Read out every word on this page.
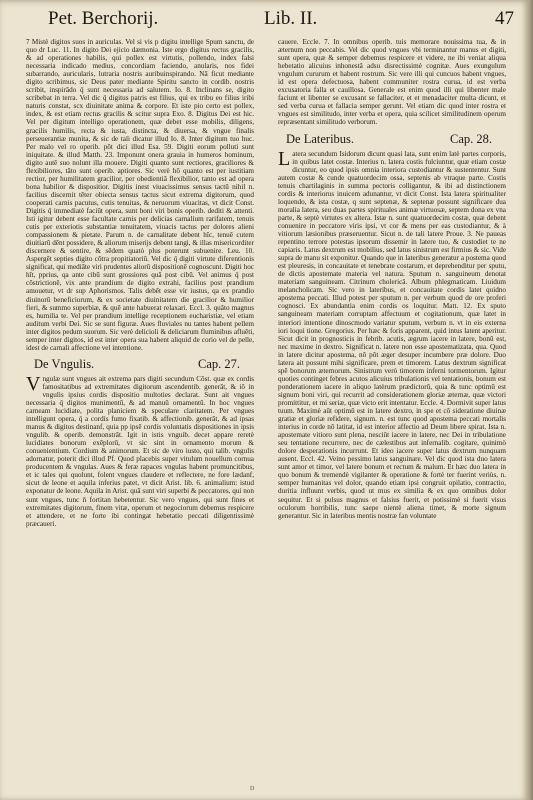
Pet. Berchorij.	Lib. II.	47

7 Mistè digitos suos in auriculas. Vel si vis p digitu intellige Spum sanctu, de quo dr Luc. 11. In digito Dei ejicio dæmonia. Iste ergo digitus rectus gracilis, & ad operationes habilis, qui pollex est virtutis, pollendo, index falsi necessaria indicado medius, concordiam faciendo, anularis, nos fidei subarrando, auricularis, lutraria nostris auribuinspirando. Nā ficut mediante digito scribimus, sic Deus pater mediante Spiritu sancto in cordib. nostris scribit, inspirādo q̄ sunt necessaria ad salutem. Io. 8. Inclinans se, digito scribebat in terra. Vel dic q̄ digitus patris est filius, qui ex tribu eo filius iribi naturis constat, scx diuinitate anima & corpore. Et iste pio certo est pollex, index, & est etiam rectus gracilis & scitur supra Exo. 8. Digitus Dei est hic. Vel per digitum intelligo operationem, quæ debet esse mobilis, diligens, gracilis humilis, recta & iusta, distincta, & diuersa, & vngue finalis perseuerantiæ munita, & sic de tali dicatur illud Io. 8. Inter digitum tuo huc. Per malo vel ro operib. pōt dici illud Esa. 59. Digiti eorum polluti sunt iniquitate. & illud Matth. 23. Imponunt onera grauia in humeros hominum, digito autē suo nolunt illa mouere. Digiti quanto sunt rectiores, graciliores & flexibiliores, tāto sunt operib. aptiores. Sic verè hō quanto est per iustitiam rectior, per humilitatem gracilior, per obedientiā flexibilior, tanto est ad opera bona habilior & dispositior. Digitis inest viuacissimus sensus tactū nihil n. facilius discernit tēter obiecta sensus tactus sicut extrema digitorum, quod cooperati carnis pacutus, cutis tenuitas, & neruorum viuacitas, vt dicit Const. Digitis q̄ immediatè faciūt opera, sunt boni viri bonis operib. dediti & attenti. Isti igitur debent esse facultate carnis per delicias carnalium rarifatem, tenuis cutis per exteriotis substantiæ tenuitatem, viuacis tactus per dolores alieni compassionem & pietate. Parum n. de carnalitate debent hīc, tenuē cutem diuitiarū dēnt possidere, & aliorum miserijs debent tangi, & illas misericorditer discernere & sentire, & sēdem quatò plus poterunt subuenire. Leu. 10. Aspergēt septies digito cōtra propitiatoriū. Vel dic q̄ digiti virtute diferentionis significat, qui mediāte viri prudentes aliorū dispositionē cognoscunt. Digiti hoc hīt, pprius, qa ante cibū sunt grossiores quā post cibū. Vel animus q̄ post cōstrictionē, vix ante prandium de digito extrahi, facilius post prandium amouetur, vt dr sup Aphorismos. Talis debēt esse vir iustus, qa ex prandio diuinorū beneficiorum, & ex societate diuinitatem die gracilior & humilior fieri, & summo superbiæ, & quē ante habuerat relaxari. Eccl. 3. quāto magnus es, humilia te. Vel per prandium intellige receptionem eucharistiæ, vel etiam auditum verbi Dei. Sic se sunt figuræ. Aues fluviales nu tantes habent pellem inter digitos pedum suorum. Sic verè delicioli & deliciarum fluminibus afluēti, semper inter digitos, id est inter opera sua habent aliquid de corio vel de pelle, idest de carnali affectione vel intentione.

De Vngulis.	Cap. 27.

V ngulæ sunt vngues ait extrema pars digiti secundum Cōst. quæ ex cordis famositatibus ad extremitates digitorum ascendentib. generāt, & iō in vngulis ipsius cordis dispositio multoties declarat. Sunt ait vngues necessaria q̄ digitos munimentū, & ad manuū ornamentū. In hoc vngues carneam lucidiate, polita planiciem & speculare claritatem. Per vngues intelligunt opera, q̄ a cordis fumo fixatib. & affectionib. generāt, & ad ipsas manus & digitos destinanf, quia pp ipsē cordis voluntatis dispositiones in ipsis vngulib. & operib. demonstrāt. Igit in istis vnguib. decet appare reretè lucidiates bonorum exēplorū, vt sic sint in ornamento morum & conuenientium. Cordium & animorum. Et sic de viro iusto, qui talib. vngulis adornatur, poterit dici illud Pf. Quod placebis super vitulum nouellum cornua producentem & vngulas. Aues & feræ rapaces vngulas habent promuncitibus, et ic tales qui quolunt, folent vngues claudere et reflectere, ne fore lædanf, sicut de leone et aquila inferius patet, vt dicit Arist. lib. 6. animalium: istud exponatur de leone. Aquila in Arist. quā sunt viri superbi & peccatores, qui non sunt vngues, tunc n̄ fortitan hebetentur. Sic vero vngues, qui sunt fines et extremitates digitorum, finem vitæ, operum et negociorum debemus respicere et attendere, et ne forte ibi contingat hebetatio peccati diligentissimè præcaueri.

cauere. Eccle. 7. In omnibus operib. tuis memorare nouissima tua, & in æternum non peccabis. Vel dic quod vngues vbi terminantur manus et digiti, sunt opera, quæ & semper debemus respicere et videre, ne ibi veniat aliqua hebetatio alicuius inhonestâ adsu disrectissimè cognitæ. Aues exungulum vngulum cururum et habent rostrum. Sic vere illi qui cuncuos habent vngues, id est opera defectuosa, habent communiter rostra curua, id est verba excusatoria falla et cauillosa. Generale est enim quod illi qui libenter male faciunt et libenter se excusant se fallaciter, et et menadaciter multa dicunt, et sed verba curua et fallacia semper gerunt. Vel etiam dic quod inter rostra et vngues est similitudo, inter verba et opera, quia scilicet similitudinem operum repræsentant similitudo verborum.

De Lateribus.	Cap. 28.

L atera secundum Isidorum dicunt quasi lata, sunt enim latè partes corporis, in quibus latet costæ. Interius n. latera costis fulciuntur, quæ etiam costæ dicuntur, eo quod ipsis omnia interiora custodiantur & sustententur. Sunt autem costæ & cunde quatuordecim ossa, septenis ab vtraque parte. Costis tenuis chartilaginis in summa pectoris colligantur, & ibi ad distinctionem cordis & interiorus inuicem adunantur, vt dicit Const. Ista latera spiritualiter loquendo, & ista costæ, q sunt septenæ, & septenæ possunt significare dua moralia latera, seu duas partes spirituales animæ virtuosæ, septem dona ex vna parte, & septè virtutes ex altera. Istæ n. sunt quatuordecim costæ, quæ debent conuenire in peccatore viris ipsi, vt cor & mens per eas custodiantur, & à vitiorum læsionibus præseruentur. Sicut n. de tali latere Proue. 3. Ne paueas repentino terrore potestas ipsorum dissemir in latere tuo, & custodiet te ne capiaris. Latus dextrum est mobilius, sed latus sinistrum est firmius & sic. Vide supra de manu sit exponitur. Quando que in lateribus generatur a postema quod est pleuresis, in concauitate et tenebrate costarum, et deprehenditur per sputu, de dictis apostemate materia vel natura. Sputum n. sanguineum denotat materiam sanguineam. Citrinum cholericâ. Album phlegmaticam. Liuidum melancholicam. Sic vero in lateribus, et concauitate cordis latet quidno apostema peccati. Illud potest per sputum n. per verbum quod de ore proferi cognosci. Ex abundantia enim cordis os loquitur. Matt. 12. Ex sputo sanguineam materiam corruptam affectuum et cogitationum, quæ latet in interiori intentione dinoscmodo variatur sputum, verbum n. vt in eis externa iori loqui tione. Gregorius. Per hæc & foris apparent, quid intus latent aperitur. Sicut dicit in prognosticis in febrib. acutis, ægrum iacere in latere, bonū est, nec maxime in dextro. Significat n. latere non esse apostematizata, qua. Quod in latere dicitur apostema, nō pōt æger desuper incumbere præ dolore. Duo latera ait possunt mihi significare, prem et timorem. Latus dextrum significat spē bonorum æternorum. Sinistrum verò timorem inferni tormentorum. Igitur quoties continget febres acutos alicuius tribulationis vel tentationis, bonum est ponderationem iacere in aliquo latèrum prædictorū, quia & tunc optimū est signum boni viri, qui recurrit ad considerationem gloriæ æternæ, quæ victori promittitur, et mi seriæ, quæ victo erit intentatur. Eccle. 4. Dormivit super latus tuum. Maximè aūt optimū est in latere dextro, in spe et cō sideratione diuinæ gratiæ et gloriæ refidere, signum. n. est tunc quod apostema peccati mortalis interius in corde nō latitat, id est interior affectio ad Deum libere spirat. Ista n. apostemate vitioro sunt plena, nesciūt iacere in latere, nec Dei in tribulatione seu tentatione recurrere, nec de cælestibus aut infernalib. cogitare, quinimò dolore desperationis incurrunt. Et ideo iacere super latus dextrum nunquam ausent. Eccl. 42. Veino pessimo latus sanguinare. Vel dic quod ista duo latera sunt amor et timor, vel latere bonum et rectum & malum. Et hæc duo latera in quo bonum & tremendè vigilanter & operatione & fortè ter fuerint veriùs, n. semper humanitas vel dolor, quando etiam ipsi congruit opilatio, contractio, duritia influunt verbis, quod ut mus ex similia & ex quo omnibus dolor sequitur. Et si pulsus magnus et falsius fuerit, et potissimè si fuerit visus oculorum horribilis, tunc saepe nientè aliena timet, & morte signum generantur. Sic in lateribus mentis nostræ fan voluntate

D
